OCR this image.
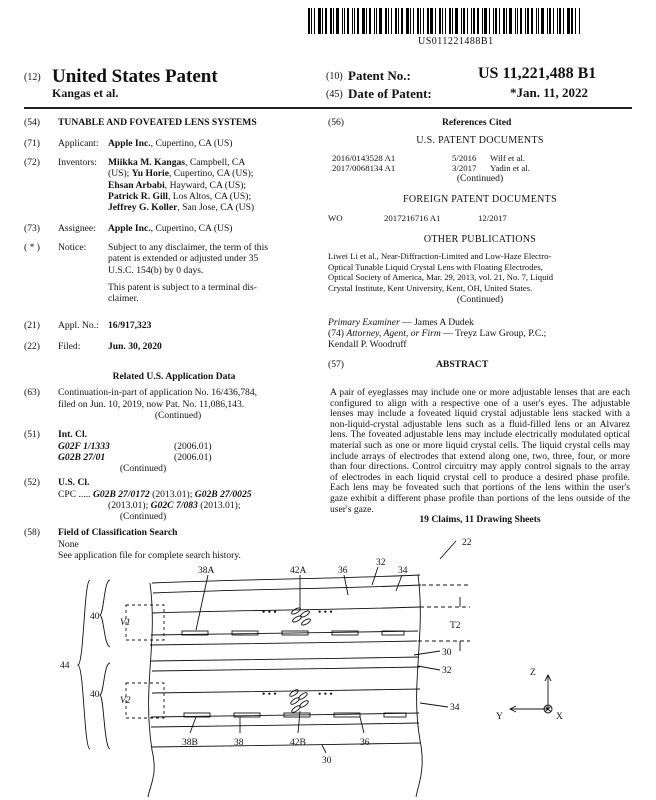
US011221488B1
(12) United States Patent
Kangas et al.
(10) Patent No.:	US 11,221,488 B1
(45) Date of Patent:	*Jan. 11, 2022
(54) TUNABLE AND FOVEATED LENS SYSTEMS
(71) Applicant: Apple Inc., Cupertino, CA (US)
(72) Inventors: Miikka M. Kangas, Campbell, CA
(US); Yu Horie, Cupertino, CA (US);
Ehsan Arbabi, Hayward, CA (US);
Patrick R. Gill, Los Altos, CA (US);
Jeffrey G. Koller, San Jose, CA (US)
(73) Assignee: Apple Inc., Cupertino, CA (US)
( * ) Notice: Subject to any disclaimer, the term of this
patent is extended or adjusted under 35
U.S.C. 154(b) by 0 days.
This patent is subject to a terminal dis-
claimer.
(21) Appl. No.: 16/917,323
(22) Filed:	Jun. 30, 2020
Related U.S. Application Data
(63) Continuation-in-part of application No. 16/436,784,
filed on Jun. 10, 2019, now Pat. No. 11,086,143.
(Continued)
(51) Int. Cl.
G02F 1/1333	(2006.01)
G02B 27/01	(2006.01)
(Continued)
(52) U.S. Cl.
CPC ..... G02B 27/0172 (2013.01); G02B 27/0025
(2013.01); G02C 7/083 (2013.01);
(Continued)
(58) Field of Classification Search
None
See application file for complete search history.
(56)	References Cited
U.S. PATENT DOCUMENTS
2016/0143528 A1	5/2016 Wilf et al.
2017/0068134 A1	3/2017 Yadin et al.
(Continued)
FOREIGN PATENT DOCUMENTS
WO	2017216716 A1	12/2017
OTHER PUBLICATIONS
Liwei Li et al., Near-Diffraction-Limited and Low-Haze Electro-
Optical Tunable Liquid Crystal Lens with Floating Electrodes,
Optical Society of America, Mar. 29, 2013, vol. 21, No. 7, Liquid
Crystal Institute, Kent University, Kent, OH, United States.
(Continued)
Primary Examiner — James A Dudek
(74) Attorney, Agent, or Firm — Treyz Law Group, P.C.;
Kendall P. Woodruff
(57)	ABSTRACT
A pair of eyeglasses may include one or more adjustable lenses that are each configured to align with a respective one of a user's eyes. The adjustable lenses may include a foveated liquid crystal adjustable lens stacked with a non-liquid-crystal adjustable lens such as a fluid-filled lens or an Alvarez lens. The foveated adjustable lens may include electrically modulated optical material such as one or more liquid crystal cells. The liquid crystal cells may include arrays of electrodes that extend along one, two, three, four, or more than four directions. Control circuitry may apply control signals to the array of electrodes in each liquid crystal cell to produce a desired phase profile. Each lens may be foveated such that portions of the lens within the user's gaze exhibit a different phase profile than portions of the lens outside of the user's gaze.
19 Claims, 11 Drawing Sheets
22
38A	42A	36
32
34
40
V1	T2
30
44	32
40
V2
34
38B	38	42B	36
30
• • •	• • •
• • •	• • •
Z
Y	X
